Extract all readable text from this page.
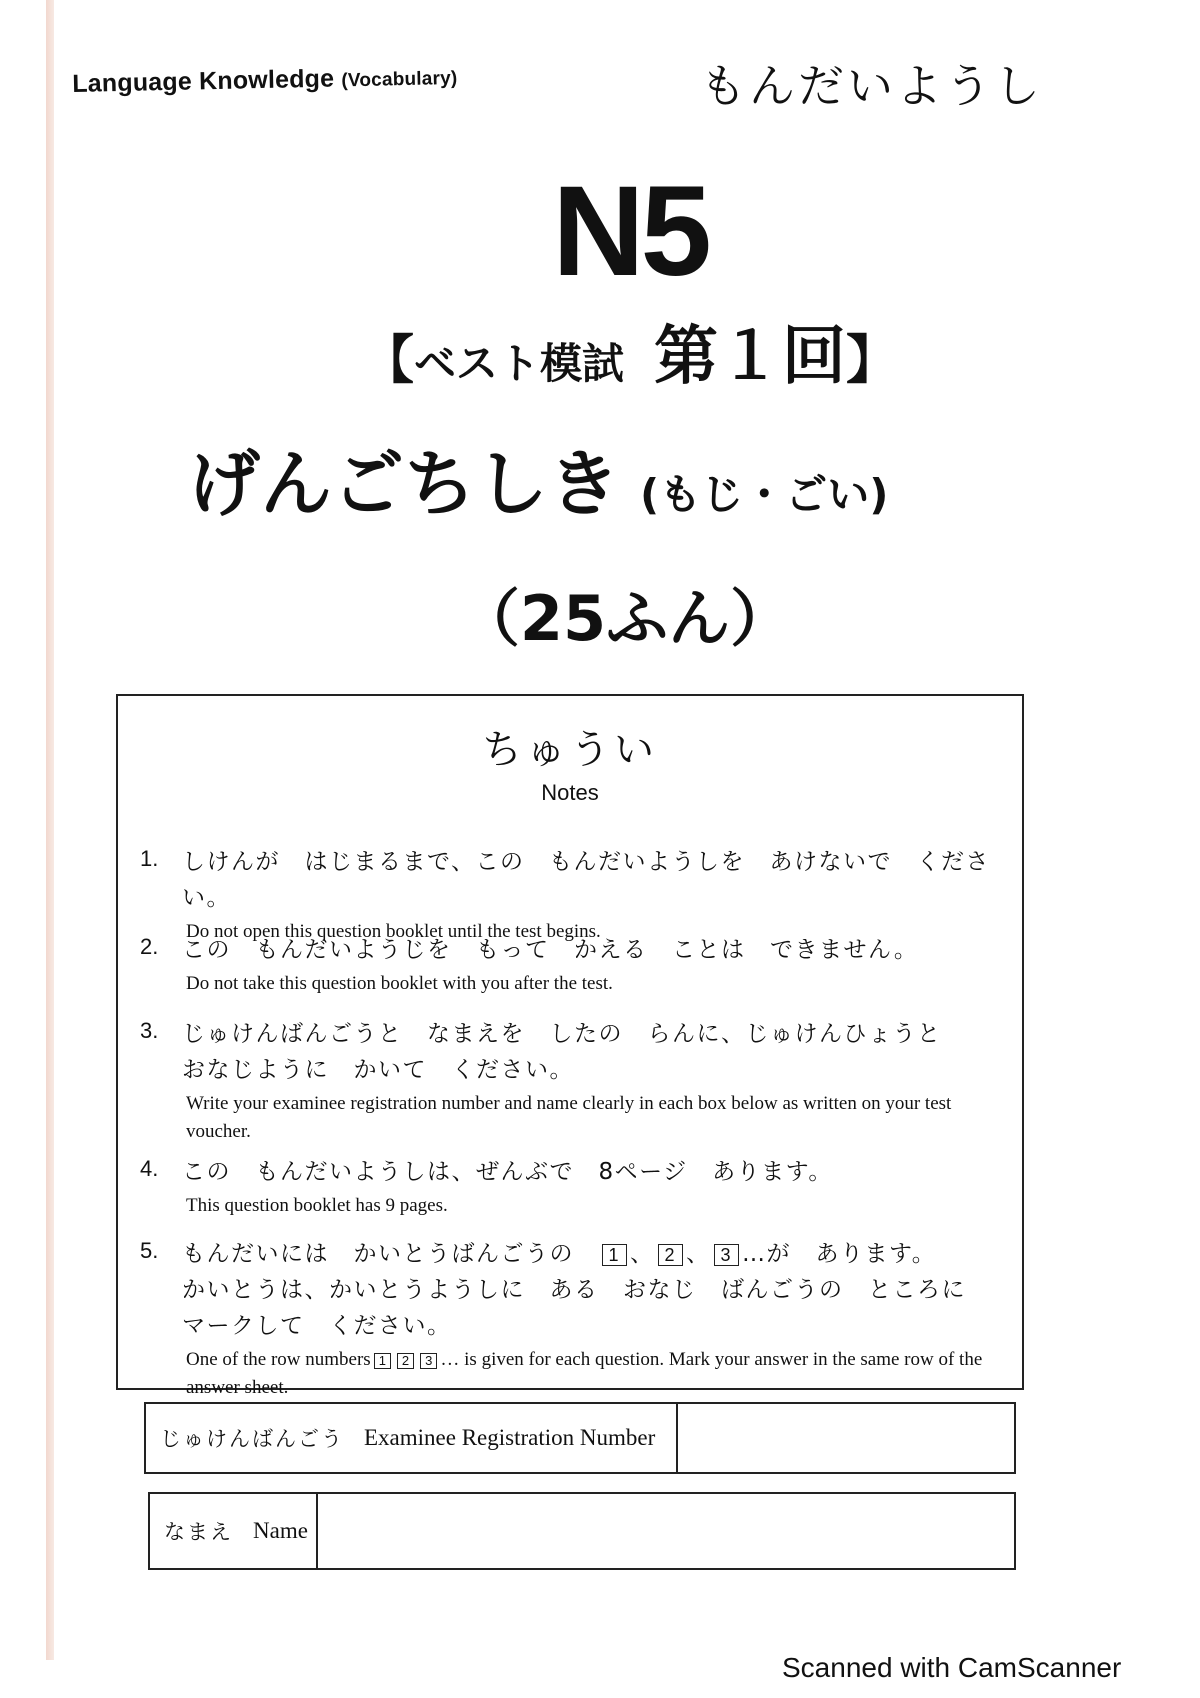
Language Knowledge (Vocabulary)	もんだいようし
N5
【ベスト模試 第１回】
げんごちしき (もじ・ごい)
（25ふん）
ちゅうい
Notes
1. しけんが　はじまるまで、この　もんだいようしを　あけないで　ください。
Do not open this question booklet until the test begins.
2. この　もんだいようじを　もって　かえる　ことは　できません。
Do not take this question booklet with you after the test.
3. じゅけんばんごうと　なまえを　したの　らんに、じゅけんひょうと
おなじように　かいて　ください。
Write your examinee registration number and name clearly in each box below as written on your test voucher.
4. この　もんだいようしは、ぜんぶで　8ページ　あります。
This question booklet has 9 pages.
5. もんだいには　かいとうばんごうの　 1 、 2 、 3 …が　あります。
かいとうは、かいとうようしに　ある　おなじ　ばんごうの　ところに
マークして　ください。
One of the row numbers 1 2 3 … is given for each question. Mark your answer in the same row of the answer sheet.
じゅけんばんごう Examinee Registration Number
なまえ Name
Scanned with CamScanner
